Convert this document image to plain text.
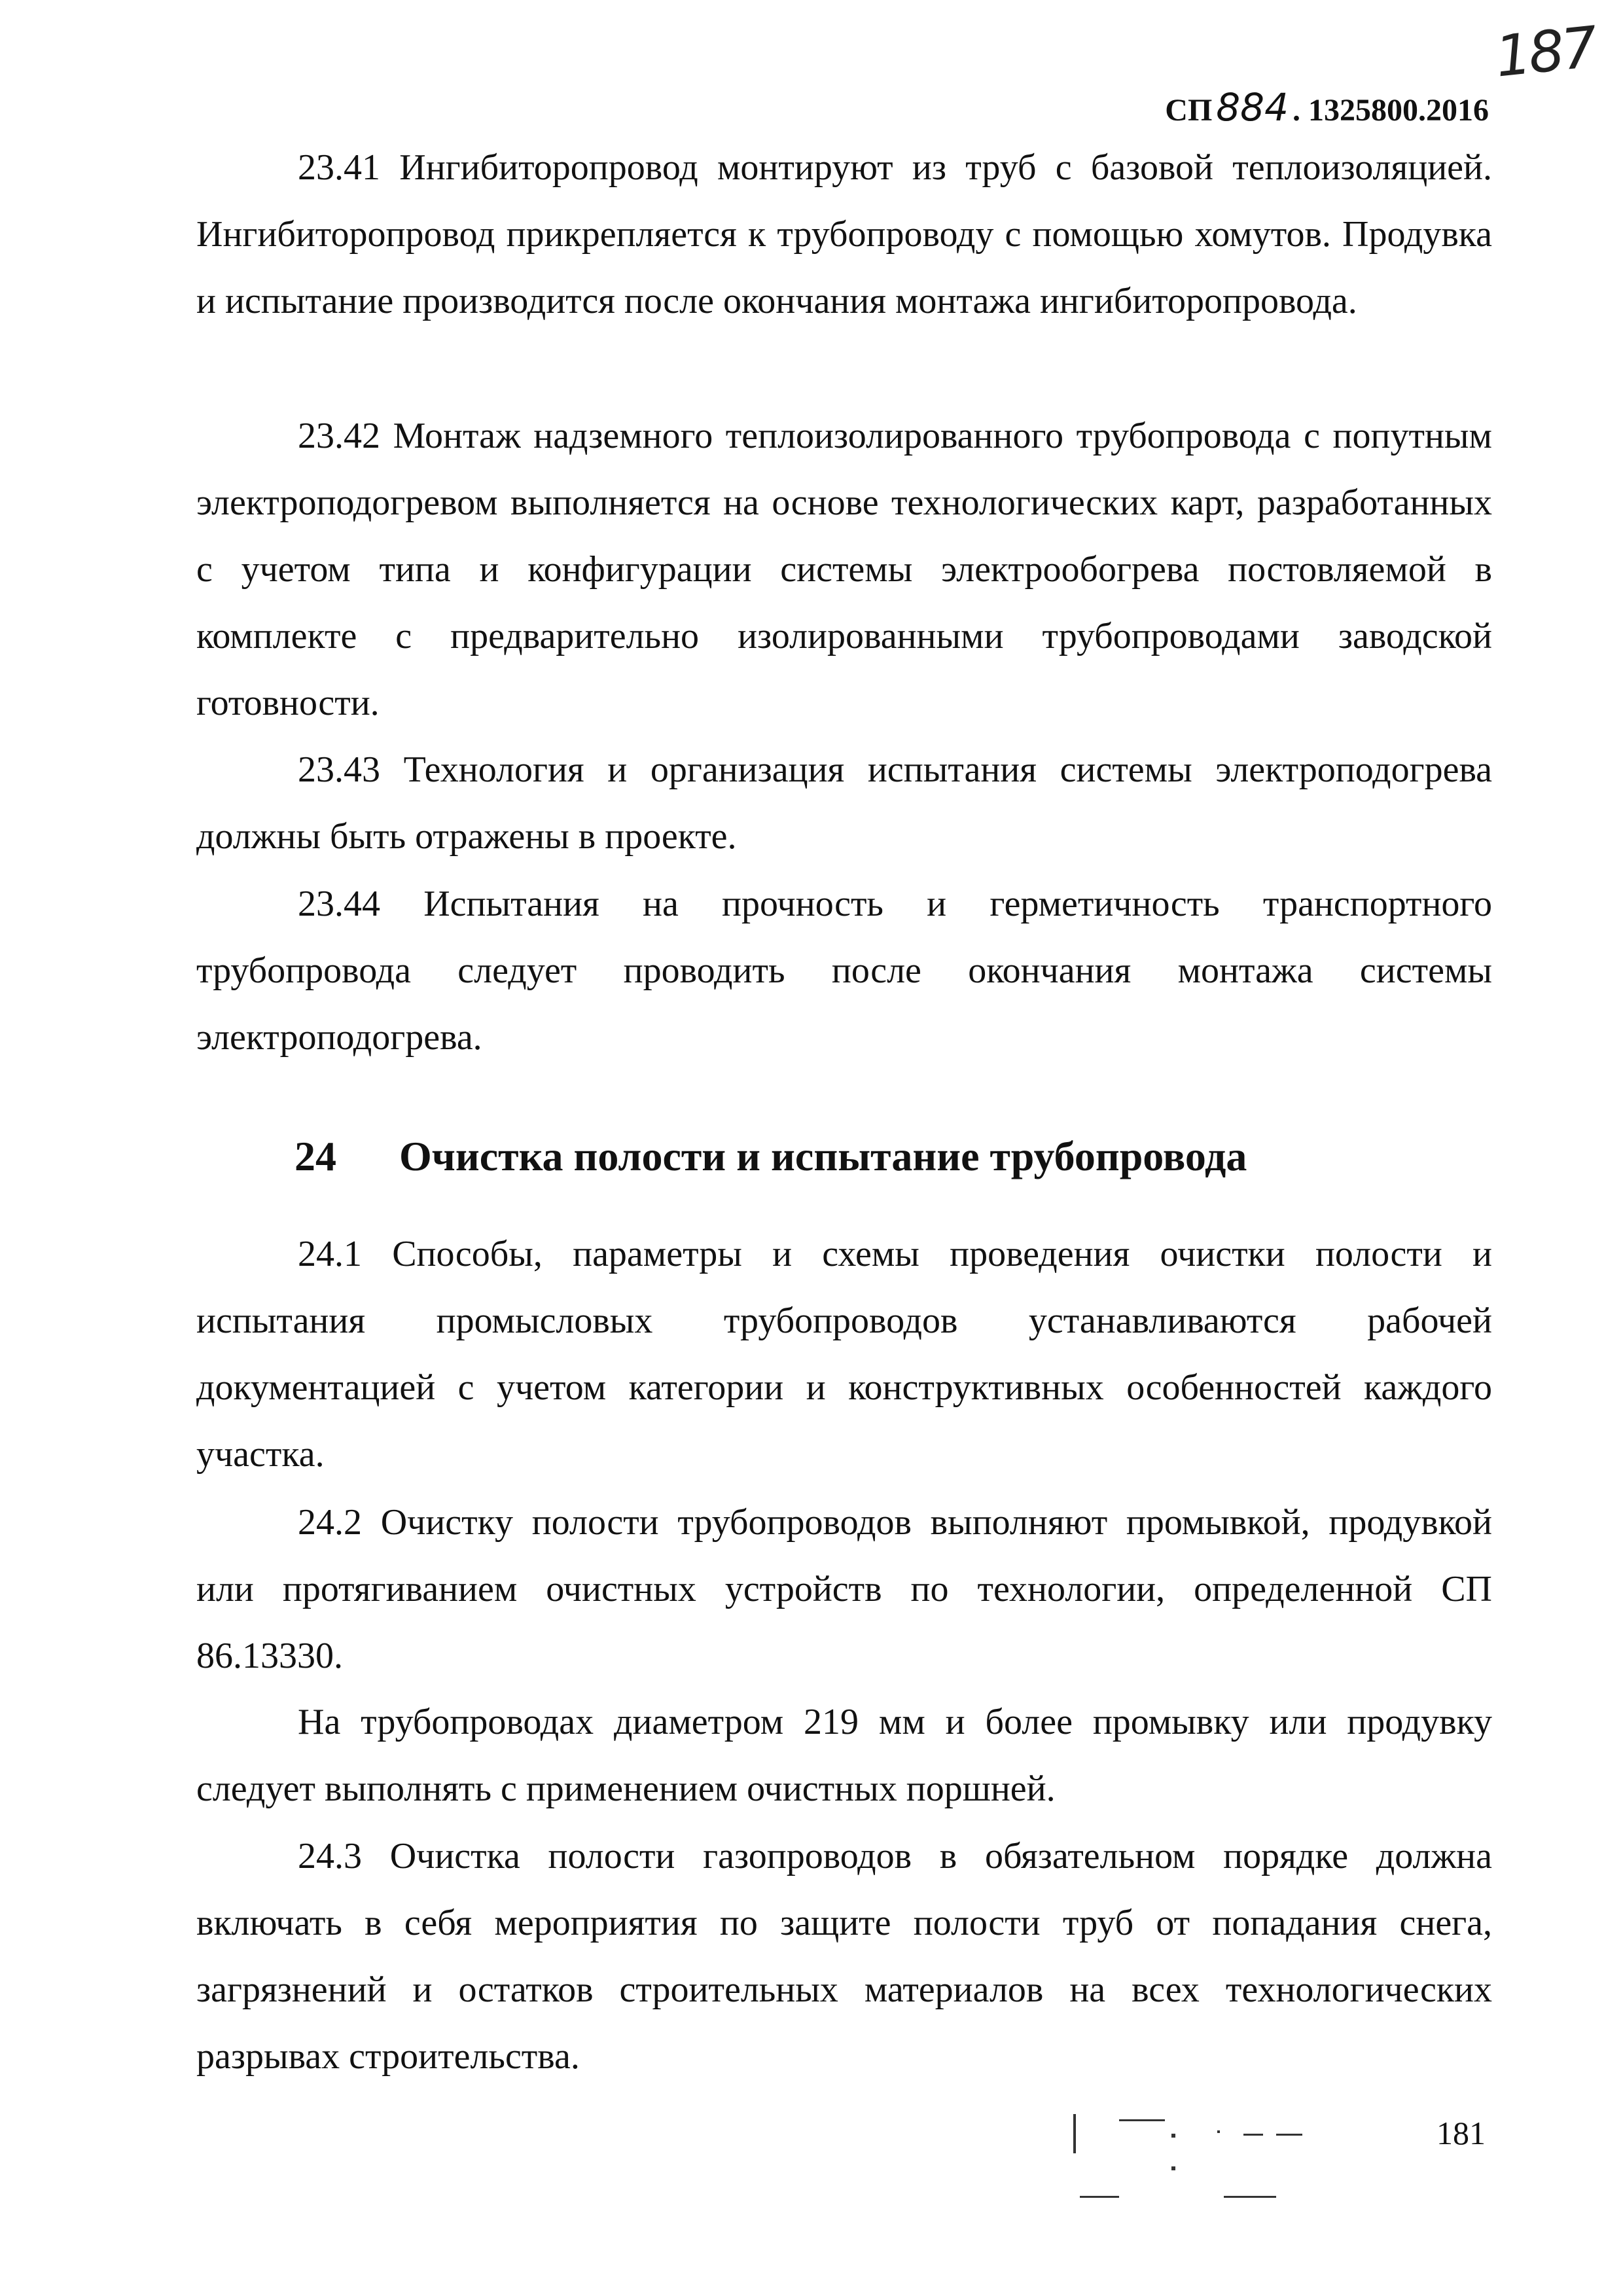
187
СП 884 . 1325800.2016

23.41 Ингибиторопровод монтируют из труб с базовой теплоизоляцией. Ингибиторопровод прикрепляется к трубопроводу с помощью хомутов. Продувка и испытание производится после окончания монтажа ингибиторопровода.

23.42 Монтаж надземного теплоизолированного трубопровода с попутным электроподогревом выполняется на основе технологических карт, разработанных с учетом типа и конфигурации системы электрообогрева постовляемой в комплекте с предварительно изолированными трубопроводами заводской готовности.

23.43 Технология и организация испытания системы электроподогрева должны быть отражены в проекте.

23.44 Испытания на прочность и герметичность транспортного трубопровода следует проводить после окончания монтажа системы электроподогрева.

24 Очистка полости и испытание трубопровода

24.1 Способы, параметры и схемы проведения очистки полости и испытания промысловых трубопроводов устанавливаются рабочей документацией с учетом категории и конструктивных особенностей каждого участка.

24.2 Очистку полости трубопроводов выполняют промывкой, продувкой или протягиванием очистных устройств по технологии, определенной СП 86.13330.

На трубопроводах диаметром 219 мм и более промывку или продувку следует выполнять с применением очистных поршней.

24.3 Очистка полости газопроводов в обязательном порядке должна включать в себя мероприятия по защите полости труб от попадания снега, загрязнений и остатков строительных материалов на всех технологических разрывах строительства.

181
